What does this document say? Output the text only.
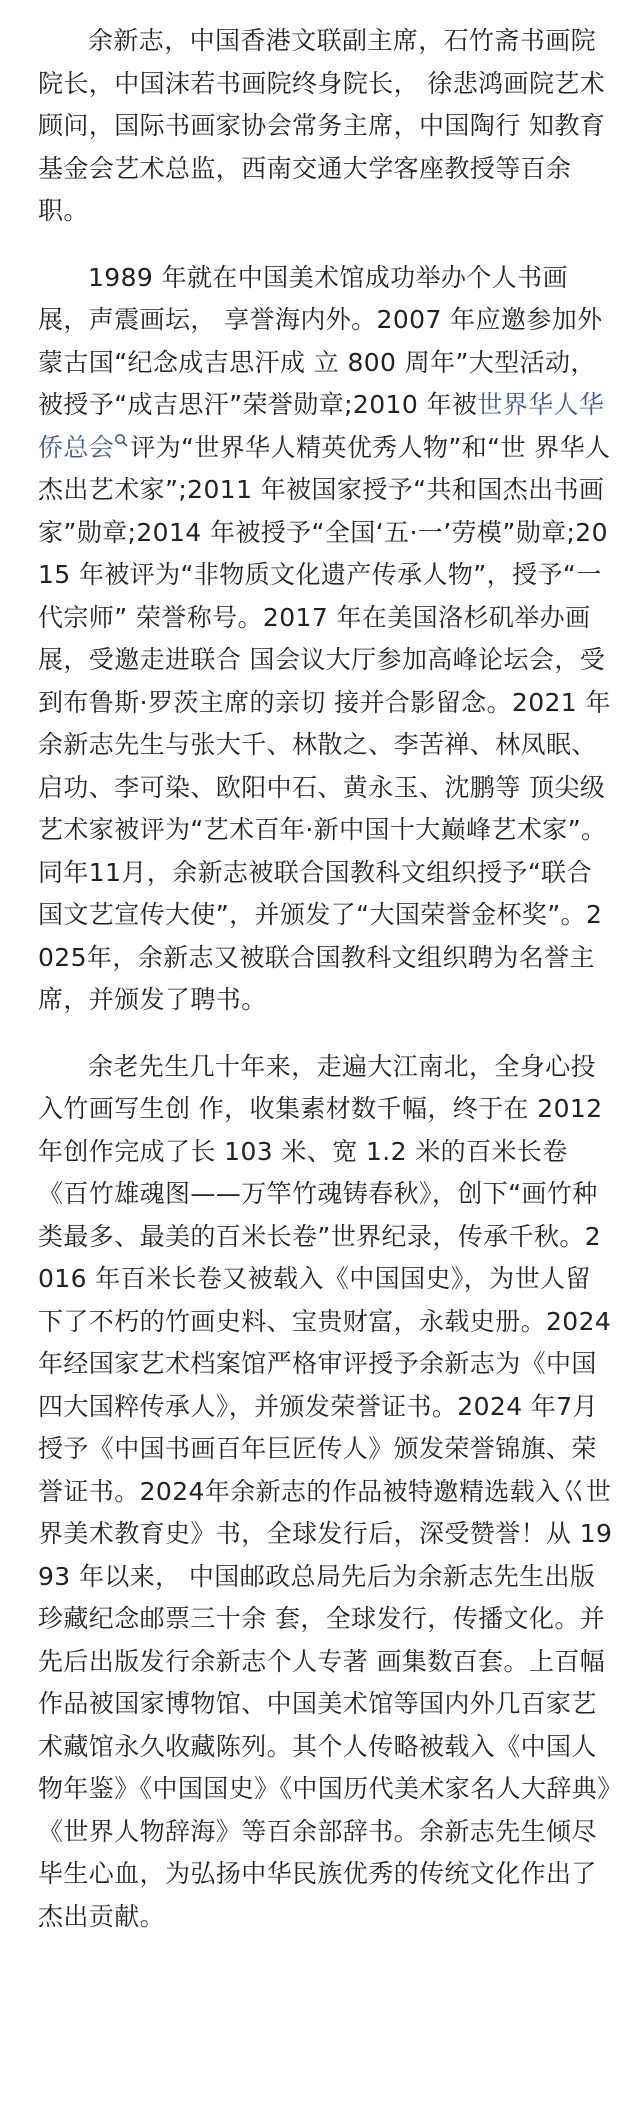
余新志，中国香港文联副主席，石竹斋书画院院长，中国沫若书画院终身院长， 徐悲鸿画院艺术顾问，国际书画家协会常务主席，中国陶行 知教育基金会艺术总监，西南交通大学客座教授等百余职。

1989 年就在中国美术馆成功举办个人书画展，声震画坛， 享誉海内外。2007 年应邀参加外蒙古国“纪念成吉思汗成 立 800 周年”大型活动，被授予“成吉思汗”荣誉勋章;2010 年被世界华人华侨总会 评为“世界华人精英优秀人物”和“世 界华人杰出艺术家”;2011 年被国家授予“共和国杰出书画 家”勋章;2014 年被授予“全国‘五·一’劳模”勋章;2015 年被评为“非物质文化遗产传承人物”，授予“一代宗师” 荣誉称号。2017 年在美国洛杉矶举办画展，受邀走进联合 国会议大厅参加高峰论坛会，受到布鲁斯·罗茨主席的亲切 接并合影留念。2021 年余新志先生与张大千、林散之、李苦禅、林凤眠、启功、李可染、欧阳中石、黄永玉、沈鹏等 顶尖级艺术家被评为“艺术百年·新中国十大巅峰艺术家”。同年11月，余新志被联合国教科文组织授予“联合国文艺宣传大使”，并颁发了“大国荣誉金杯奖”。2025年，余新志又被联合国教科文组织聘为名誉主席，并颁发了聘书。

余老先生几十年来，走遍大江南北，全身心投入竹画写生创 作，收集素材数千幅，终于在 2012 年创作完成了长 103 米、宽 1.2 米的百米长卷《百竹雄魂图——万竿竹魂铸春秋》，创下“画竹种类最多、最美的百米长卷”世界纪录，传承千秋。2016 年百米长卷又被载入《中国国史》，为世人留下了不朽的竹画史料、宝贵财富，永载史册。2024 年经国家艺术档案馆严格审评授予余新志为《中国四大国粹传承人》，并颁发荣誉证书。2024 年7月授予《中国书画百年巨匠传人》颁发荣誉锦旗、荣誉证书。2024年余新志的作品被特邀精选载入巜世界美术教育史》书，全球发行后，深受赞誉！从 1993 年以来， 中国邮政总局先后为余新志先生出版珍藏纪念邮票三十余 套，全球发行，传播文化。并先后出版发行余新志个人专著 画集数百套。上百幅作品被国家博物馆、中国美术馆等国内外几百家艺术藏馆永久收藏陈列。其个人传略被载入《中国人物年鉴》《中国国史》《中国历代美术家名人大辞典》《世界人物辞海》等百余部辞书。余新志先生倾尽毕生心血，为弘扬中华民族优秀的传统文化作出了杰出贡献。
